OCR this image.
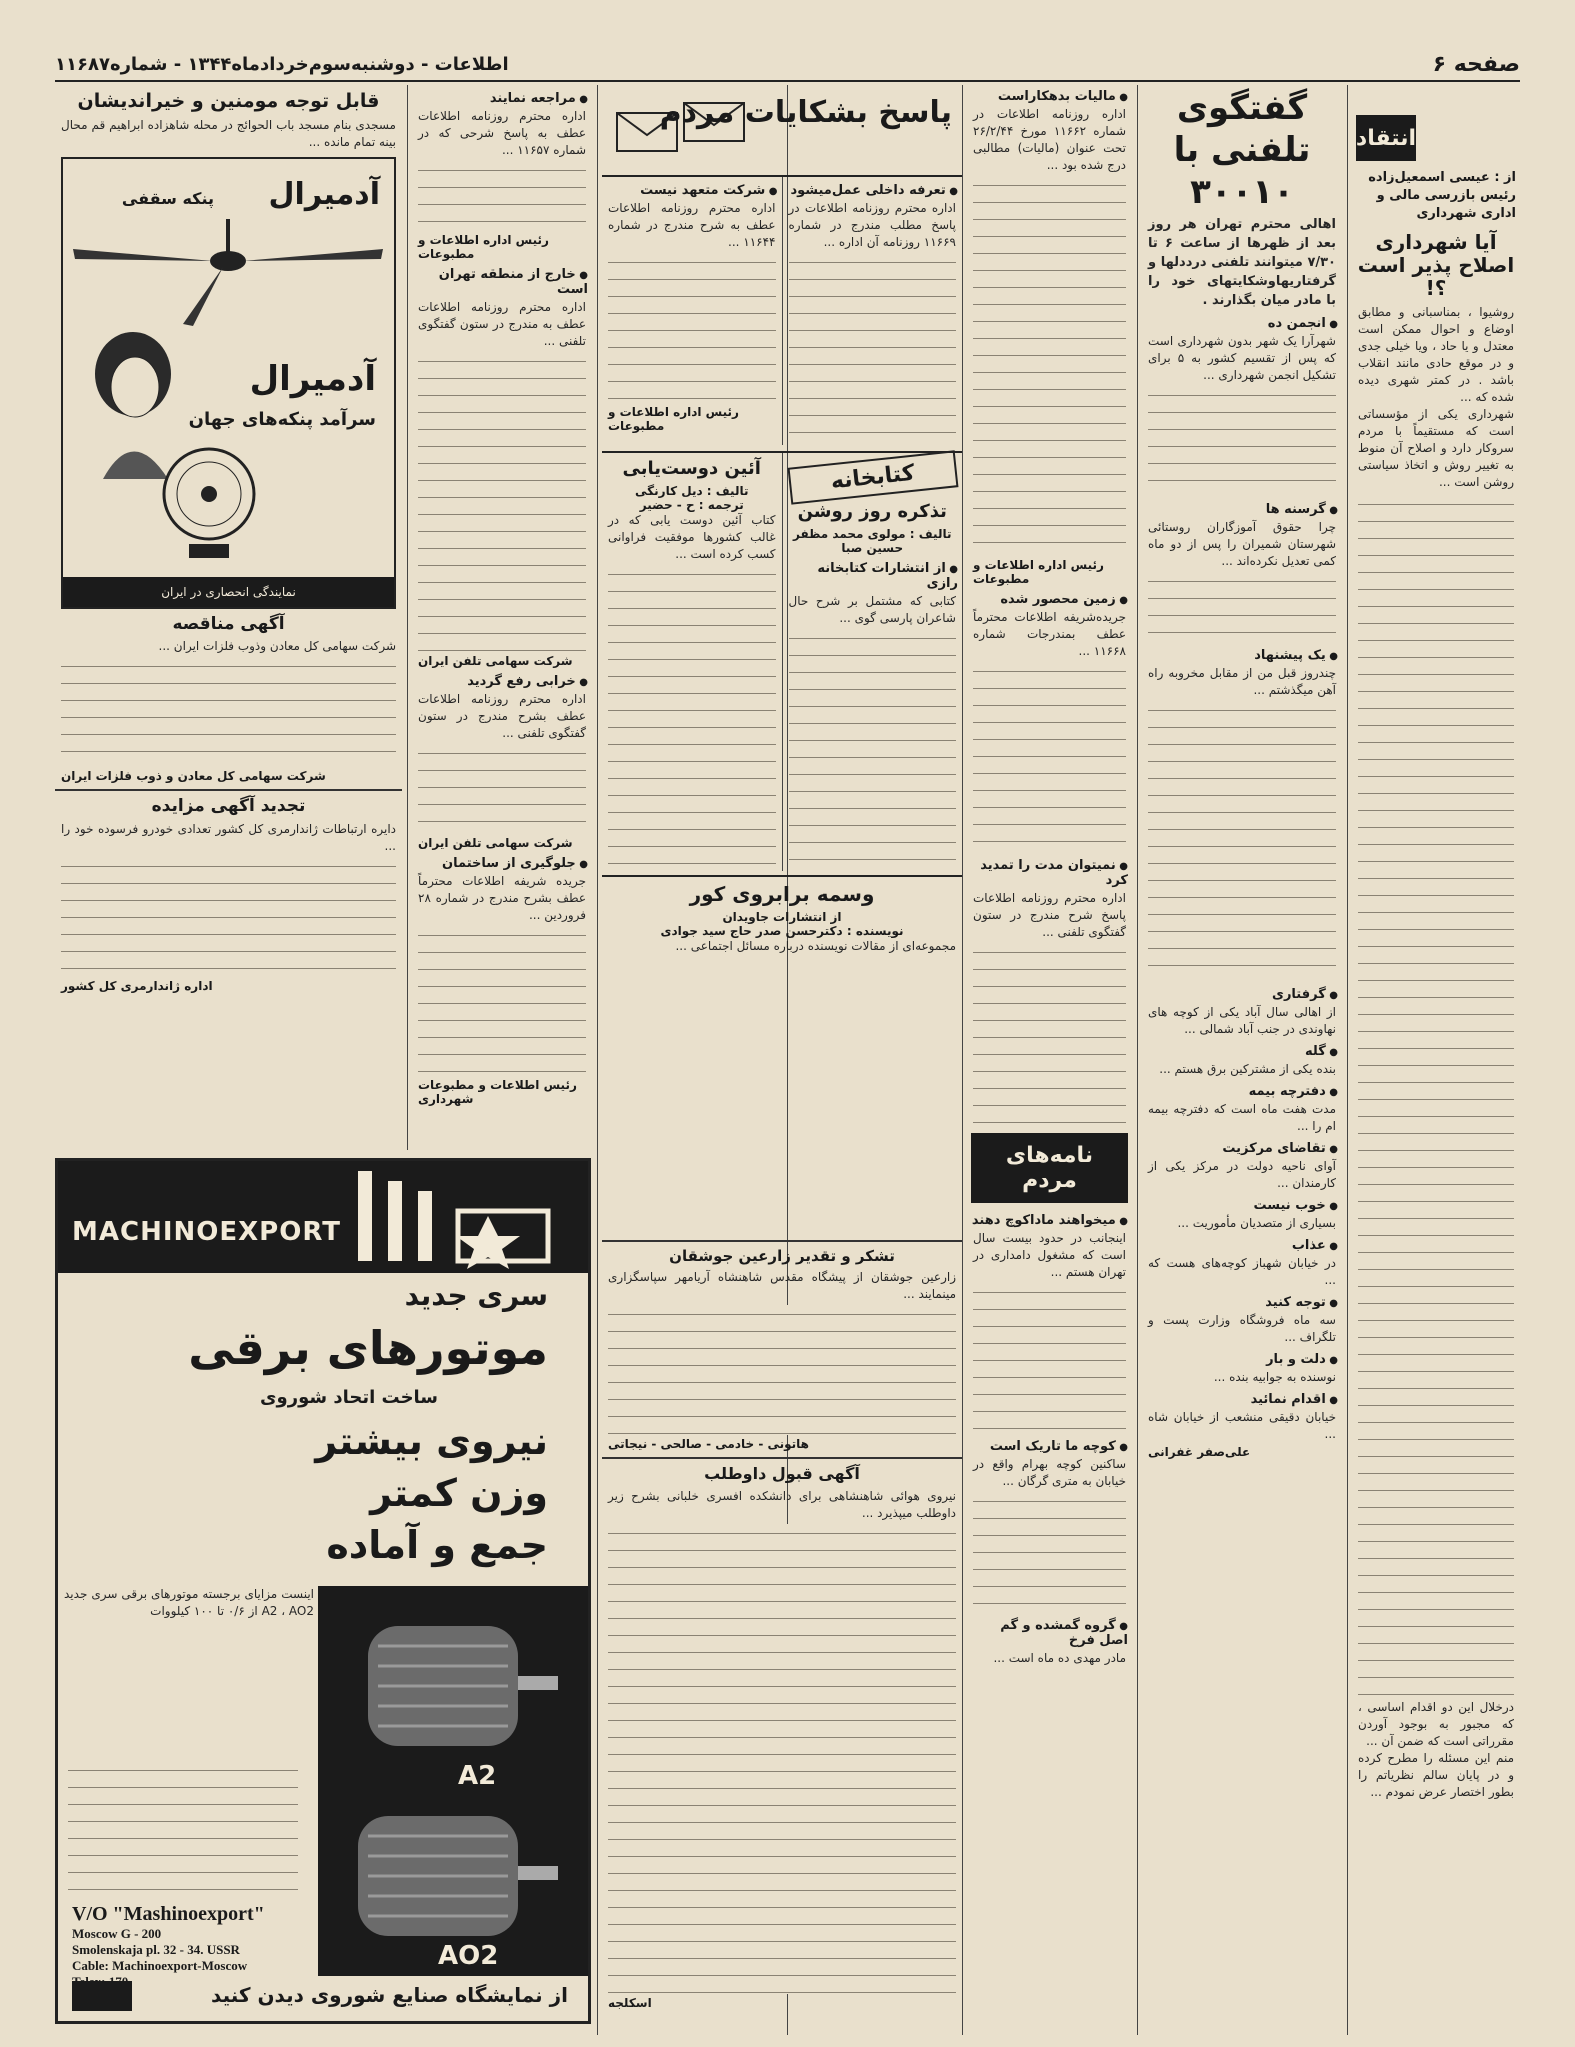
صفحه ۶
اطلاعات - دوشنبه‌سوم‌خردادماه۱۳۴۴ - شماره۱۱۶۸۷
انتقاد
از : عیسی اسمعیل‌زاده رئیس بازرسی مالی و اداری شهرداری
آیا شهرداری اصلاح پذیر است ؟!

روشیوا ، بمناسبانی و مطابق اوضاع و احوال ممکن است معتدل و یا حاد ، ویا خیلی جدی و در موقع حادی مانند انقلاب باشد . در کمتر شهری دیده شده که ...

شهرداری یکی از مؤسساتی است که مستقیماً با مردم سروکار دارد و اصلاح آن منوط به تغییر روش و اتخاذ سیاستی روشن است ...

درخلال این دو اقدام اساسی ، که مجبور به بوجود آوردن مقرراتی است که ضمن آن ...

منم این مسئله را مطرح کرده و در پایان سالم نظریاتم را بطور اختصار عرض نمودم ...

گفتگوی تلفنی با ۳۰۰۱۰

اهالی محترم تهران هر روز بعد از ظهرها از ساعت ۶ تا ۷/۳۰ میتوانند تلفنی دردد‌لها و گرفتاریهاوشکایتهای خود را با مادر میان بگذارند .

● انجمن ده

شهرآرا یک شهر بدون شهرداری است که پس از تقسیم کشور به ۵ برای تشکیل انجمن شهرداری ...

● گرسنه ها

چرا حقوق آموزگاران روستائی شهرستان شمیران را پس از دو ماه کمی تعدیل نکرده‌اند ...

● یک پیشنهاد

چندروز قبل من از مقابل مخروبه راه آهن میگذشتم ...

● گرفتاری

از اهالی سال آباد یکی از کوچه های نهاوندی در جنب آباد شمالی ...

● گله

بنده یکی از مشترکین برق هستم ...

● دفترچه بیمه

مدت هفت ماه است که دفترچه بیمه ام را ...

● تقاضای مرکزیت

آوای ناحیه دولت در مرکز یکی از کارمندان ...

● خوب نیست

بسیاری از متصدیان مأموریت ...

● عذاب

در خیابان شهباز کوچه‌های هست که ...

● توجه کنید

سه ماه فروشگاه وزارت پست و تلگراف ...

● دلت و بار

نوسنده به جوابیه بنده ...

● اقدام نمائید

خیابان دقیقی منشعب از خیابان شاه ...

علی‌صفر غفرانی
● مالیات بدهکاراست

اداره روزنامه اطلاعات در شماره ۱۱۶۶۲ مورخ ۲۶/۲/۴۴ تحت عنوان (مالیات) مطالبی درج شده بود ...

رئیس اداره اطلاعات و مطبوعات
● زمین محصور شده

جریده‌شریفه اطلاعات محترماً عطف بمندرجات شماره ۱۱۶۶۸ ...

● نمیتوان مدت را تمدید کرد

اداره محترم روزنامه اطلاعات پاسخ شرح مندرج در ستون گفتگوی تلفنی ...

نامه‌های مردم
● میخواهند ماداکوچ دهند

اینجانب در حدود بیست سال است که مشغول دامداری در تهران هستم ...

● کوچه ما تاریک است

ساکنین کوچه بهرام واقع در خیابان به متری گرگان ...

● گروه گمشده و گم اصل فرخ

مادر مهدی ده ماه است ...

پاسخ بشکایات مردم
● تعرفه داخلی عمل‌میشود

اداره محترم روزنامه اطلاعات در پاسخ مطلب مندرج در شماره ۱۱۶۶۹ روزنامه آن اداره ...

● شرکت متعهد نیست

اداره محترم روزنامه اطلاعات عطف به شرح مندرج در شماره ۱۱۶۴۴ ...

رئیس اداره اطلاعات و مطبوعات
کتابخانه
تذکره روز روشن
تالیف : مولوی محمد مظفر حسین صبا
● از انتشارات کتابخانه رازی

کتابی که مشتمل بر شرح حال شاعران پارسی گوی ...

آئین دوست‌یابی
تالیف : دیل کارنگی
ترجمه : ح - حضیر

کتاب آئین دوست یابی که در غالب کشورها موفقیت فراوانی کسب کرده است ...

وسمه برابروی کور
از انتشارات جاویدان
نویسنده : دکترحسن صدر حاج سید جوادی

مجموعه‌ای از مقالات نویسنده درباره مسائل اجتماعی ...

تشکر و تقدیر زارعین جوشقان

زارعین جوشقان از پیشگاه مقدس شاهنشاه آریامهر سپاسگزاری مینمایند ...

هاتونی - خادمی - صالحی - نیجاتی
آگهی قبول داوطلب

نیروی هوائی شاهنشاهی برای دانشکده افسری خلبانی بشرح زیر داوطلب میپذیرد ...

اسکلجه
● مراجعه نمایند

اداره محترم روزنامه اطلاعات عطف به پاسخ شرحی که در شماره ۱۱۶۵۷ ...

رئیس اداره اطلاعات و مطبوعات
● خارج از منطقه تهران است

اداره محترم روزنامه اطلاعات عطف به مندرج در ستون گفتگوی تلفنی ...

شرکت سهامی تلفن ایران
● خرابی رفع گردید

اداره محترم روزنامه اطلاعات عطف بشرح مندرج در ستون گفتگوی تلفنی ...

شرکت سهامی تلفن ایران
● جلوگیری از ساختمان

جریده شریفه اطلاعات محترماً عطف بشرح مندرج در شماره ۲۸ فروردین ...

رئیس اطلاعات و مطبوعات شهرداری
قابل توجه مومنین و خیراندیشان

مسجدی بنام مسجد باب الحوائج در محله شاهزاده ابراهیم قم محال بینه تمام مانده ...

آدمیرال
پنکه سقفی
آدمیرال
سرآمد پنکه‌های جهان
نمایندگی انحصاری در ایران
آگهی مناقصه

شرکت سهامی کل معادن وذوب فلزات ایران ...

شرکت سهامی کل معادن و ذوب فلزات ایران
تجدید آگهی مزایده

دایره ارتباطات ژاندارمری کل کشور تعدادی خودرو فرسوده خود را ...

اداره ژاندارمری کل کشور
MACHINOEXPORT
سری جدید
موتورهای برقی
ساخت اتحاد شوروی
نیروی بیشتر
وزن کمتر
جمع و آماده
A2
AO2

اینست مزایای برجسته موتورهای برقی سری جدید A2 ، AO2 از ۰/۶ تا ۱۰۰ کیلووات

V/O "Mashinoexport"
Moscow G - 200
Smolenskaja pl. 32 - 34. USSR
Cable: Machinoexport-Moscow
از نمایشگاه صنایع شوروی دیدن کنید
